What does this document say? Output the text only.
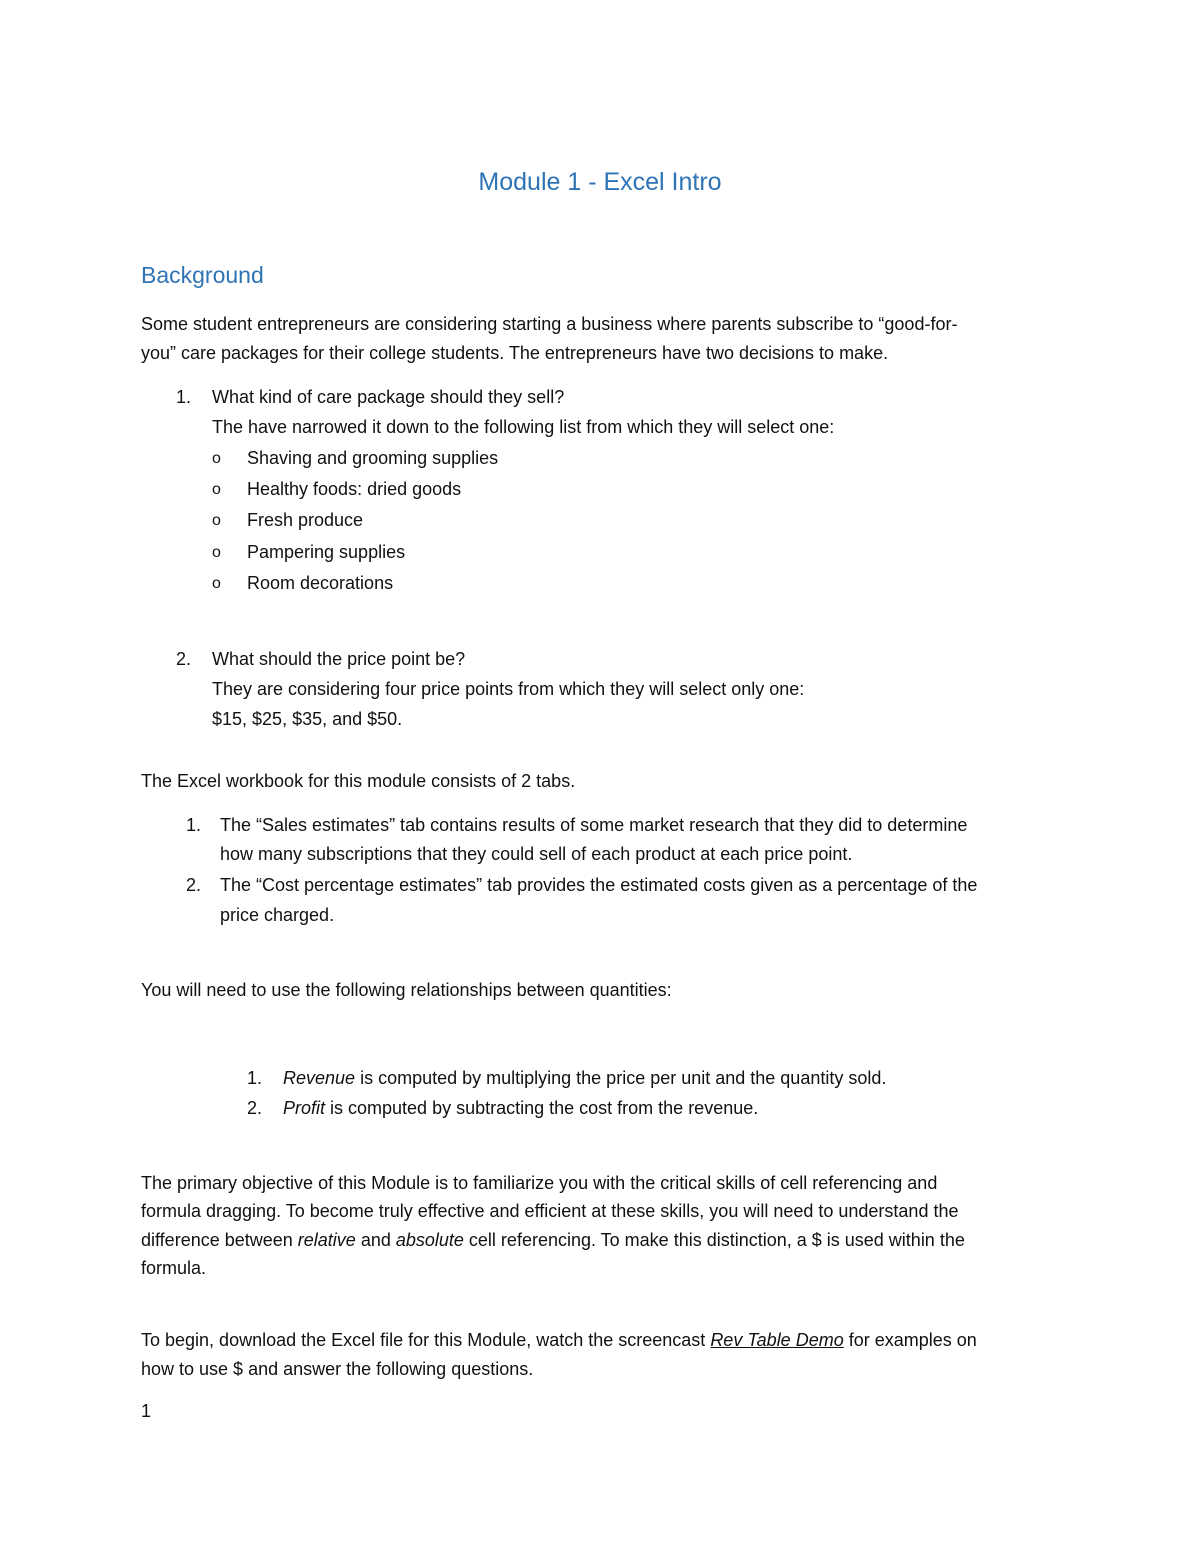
Module 1 - Excel Intro
Background
Some student entrepreneurs are considering starting a business where parents subscribe to “good-for-
you” care packages for their college students. The entrepreneurs have two decisions to make.
1. What kind of care package should they sell?
The have narrowed it down to the following list from which they will select one:
o Shaving and grooming supplies
o Healthy foods: dried goods
o Fresh produce
o Pampering supplies
o Room decorations
2. What should the price point be?
They are considering four price points from which they will select only one:
$15, $25, $35, and $50.
The Excel workbook for this module consists of 2 tabs.
1. The “Sales estimates” tab contains results of some market research that they did to determine
how many subscriptions that they could sell of each product at each price point.
2. The “Cost percentage estimates” tab provides the estimated costs given as a percentage of the
price charged.
You will need to use the following relationships between quantities:
1. Revenue is computed by multiplying the price per unit and the quantity sold.
2. Profit is computed by subtracting the cost from the revenue.
The primary objective of this Module is to familiarize you with the critical skills of cell referencing and
formula dragging. To become truly effective and efficient at these skills, you will need to understand the
difference between relative and absolute cell referencing. To make this distinction, a $ is used within the
formula.
To begin, download the Excel file for this Module, watch the screencast Rev Table Demo for examples on
how to use $ and answer the following questions.
1
